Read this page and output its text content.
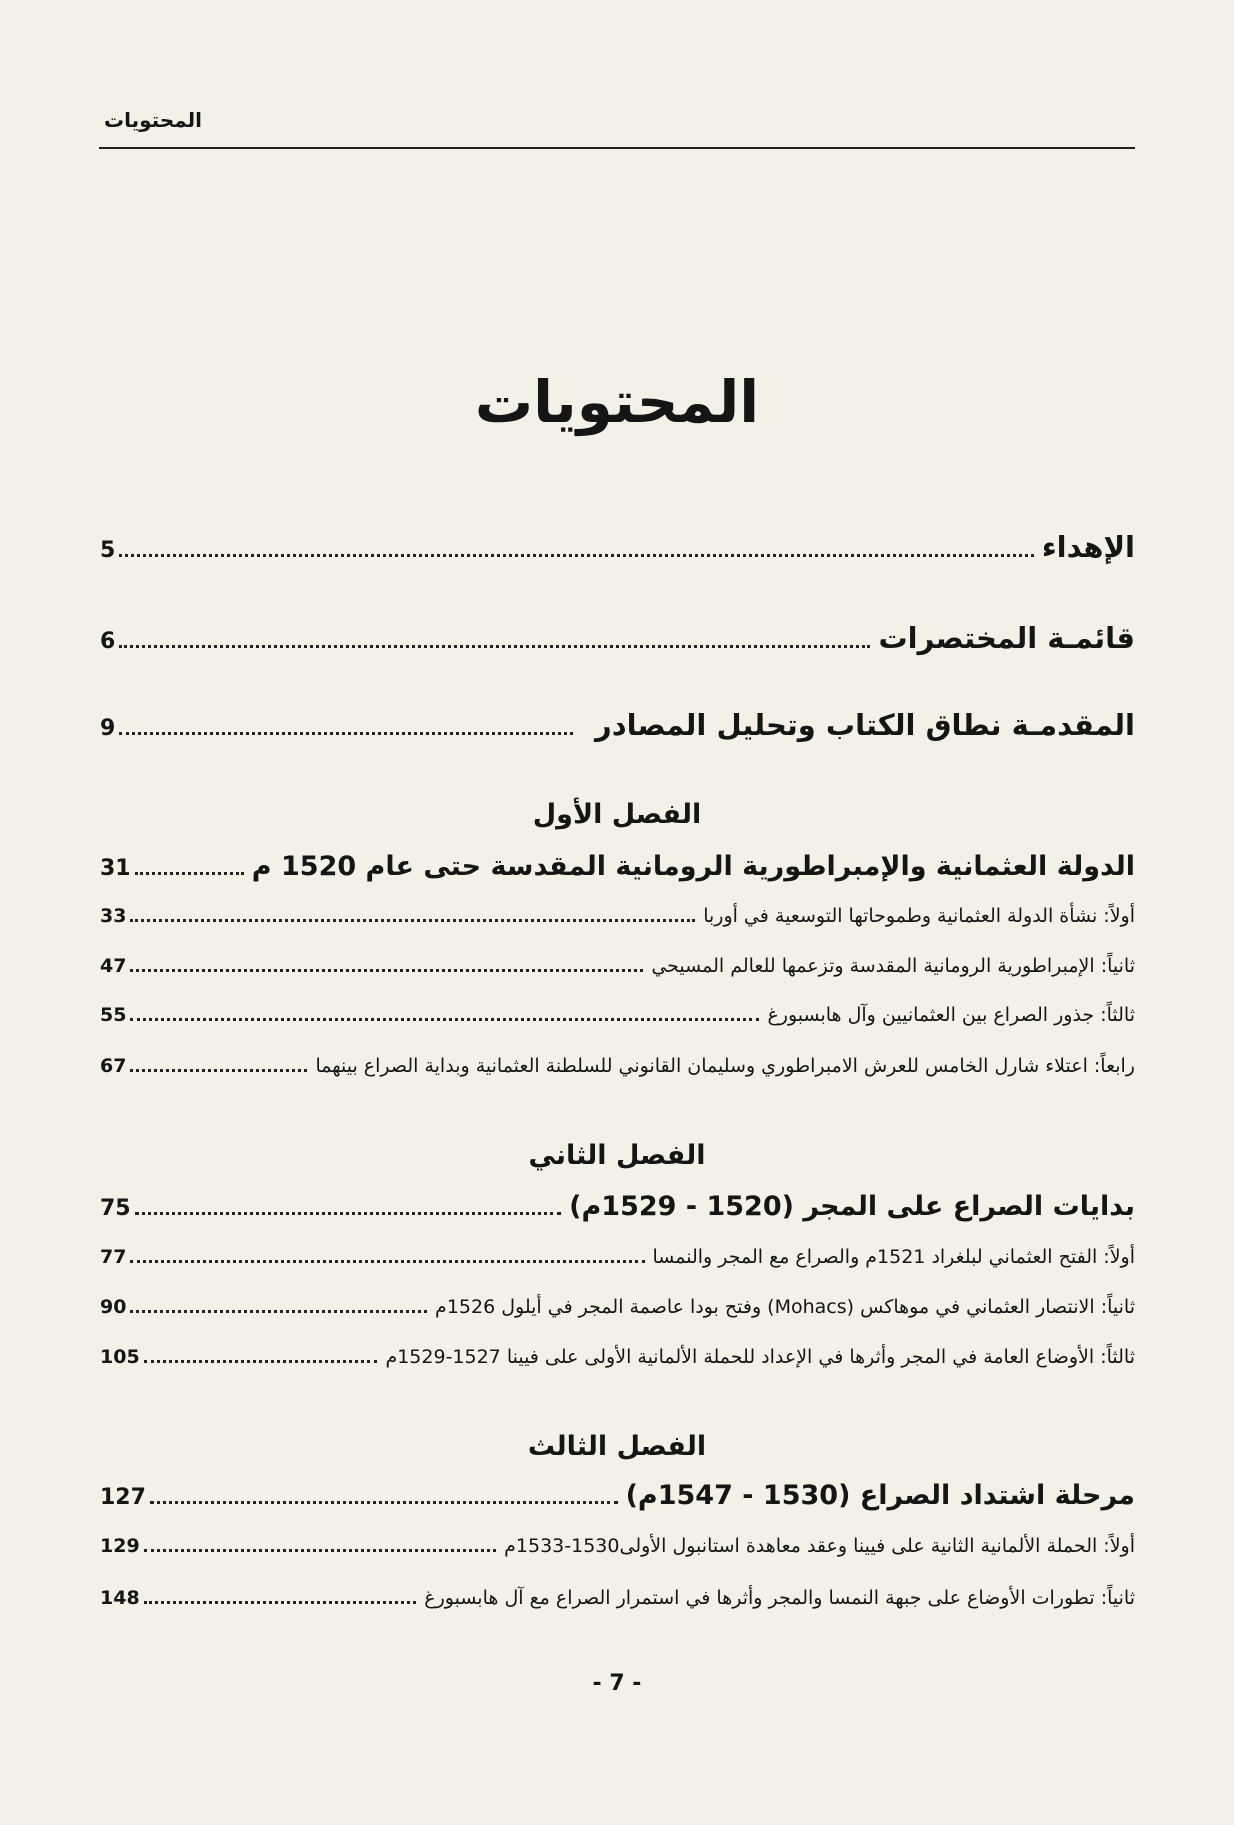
المحتويات
المحتويات
الإهداء
5
قائمـة المختصرات
6
المقدمـة نطاق الكتاب وتحليل المصادر
9
الفصل الأول
الدولة العثمانية والإمبراطورية الرومانية المقدسة حتى عام 1520 م
31
أولاً: نشأة الدولة العثمانية وطموحاتها التوسعية في أوربا
33
ثانياً: الإمبراطورية الرومانية المقدسة وتزعمها للعالم المسيحي
47
ثالثاً: جذور الصراع بين العثمانيين وآل هابسبورغ
55
رابعاً: اعتلاء شارل الخامس للعرش الامبراطوري وسليمان القانوني للسلطنة العثمانية وبداية الصراع بينهما
67
الفصل الثاني
بدايات الصراع على المجر (1520 - 1529م)
75
أولاً: الفتح العثماني لبلغراد 1521م والصراع مع المجر والنمسا
77
ثانياً: الانتصار العثماني في موهاكس (Mohacs) وفتح بودا عاصمة المجر في أيلول 1526م
90
ثالثاً: الأوضاع العامة في المجر وأثرها في الإعداد للحملة الألمانية الأولى على فيينا 1527-1529م
105
الفصل الثالث
مرحلة اشتداد الصراع (1530 - 1547م)
127
أولاً: الحملة الألمانية الثانية على فيينا وعقد معاهدة استانبول الأولى1530-1533م
129
ثانياً: تطورات الأوضاع على جبهة النمسا والمجر وأثرها في استمرار الصراع مع آل هابسبورغ
148
- 7 -
